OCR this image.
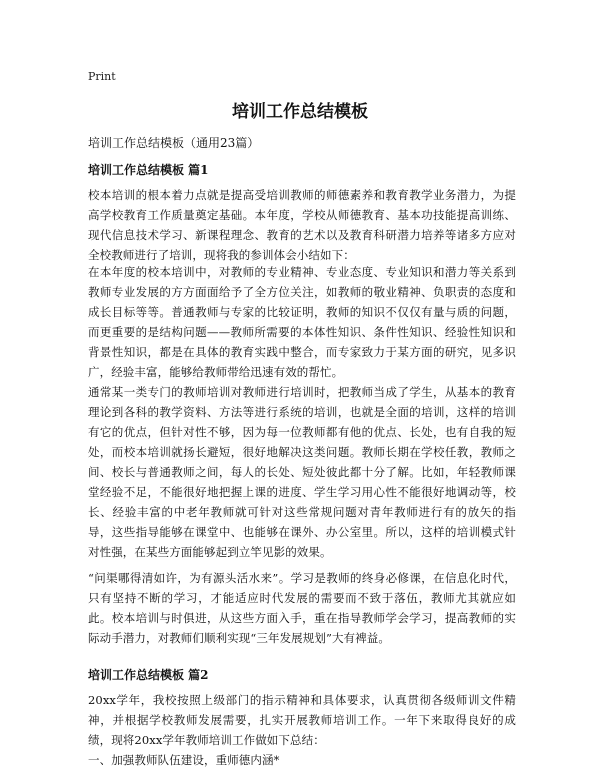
Print
培训工作总结模板
培训工作总结模板（通用23篇）
培训工作总结模板 篇1

校本培训的根本着力点就是提高受培训教师的师德素养和教育教学业务潜力，为提高学校教育工作质量奠定基础。本年度，学校从师德教育、基本功技能提高训练、现代信息技术学习、新课程理念、教育的艺术以及教育科研潜力培养等诸多方应对全校教师进行了培训，现将我的参训体会小结如下：

在本年度的校本培训中，对教师的专业精神、专业态度、专业知识和潜力等关系到教师专业发展的方方面面给予了全方位关注，如教师的敬业精神、负职责的态度和成长目标等等。普通教师与专家的比较证明，教师的知识不仅仅有量与质的问题，而更重要的是结构问题——教师所需要的本体性知识、条件性知识、经验性知识和背景性知识，都是在具体的教育实践中整合，而专家致力于某方面的研究，见多识广，经验丰富，能够给教师带给迅速有效的帮忙。

通常某一类专门的教师培训对教师进行培训时，把教师当成了学生，从基本的教育理论到各科的教学资料、方法等进行系统的培训，也就是全面的培训，这样的培训有它的优点，但针对性不够，因为每一位教师都有他的优点、长处，也有自我的短处，而校本培训就扬长避短，很好地解决这类问题。教师长期在学校任教，教师之间、校长与普通教师之间，每人的长处、短处彼此都十分了解。比如，年轻教师课堂经验不足，不能很好地把握上课的进度、学生学习用心性不能很好地调动等，校长、经验丰富的中老年教师就可针对这些常规问题对青年教师进行有的放矢的指导，这些指导能够在课堂中、也能够在课外、办公室里。所以，这样的培训模式针对性强，在某些方面能够起到立竿见影的效果。

“问渠哪得清如许，为有源头活水来”。学习是教师的终身必修课，在信息化时代，只有坚持不断的学习，才能适应时代发展的需要而不致于落伍，教师尤其就应如此。校本培训与时俱进，从这些方面入手，重在指导教师学会学习，提高教师的实际动手潜力，对教师们顺利实现“三年发展规划”大有裨益。

培训工作总结模板 篇2

20xx学年，我校按照上级部门的指示精神和具体要求，认真贯彻各级师训文件精神，并根据学校教师发展需要，扎实开展教师培训工作。一年下来取得良好的成绩，现将20xx学年教师培训工作做如下总结：

一、加强教师队伍建设，重师德内涵*
